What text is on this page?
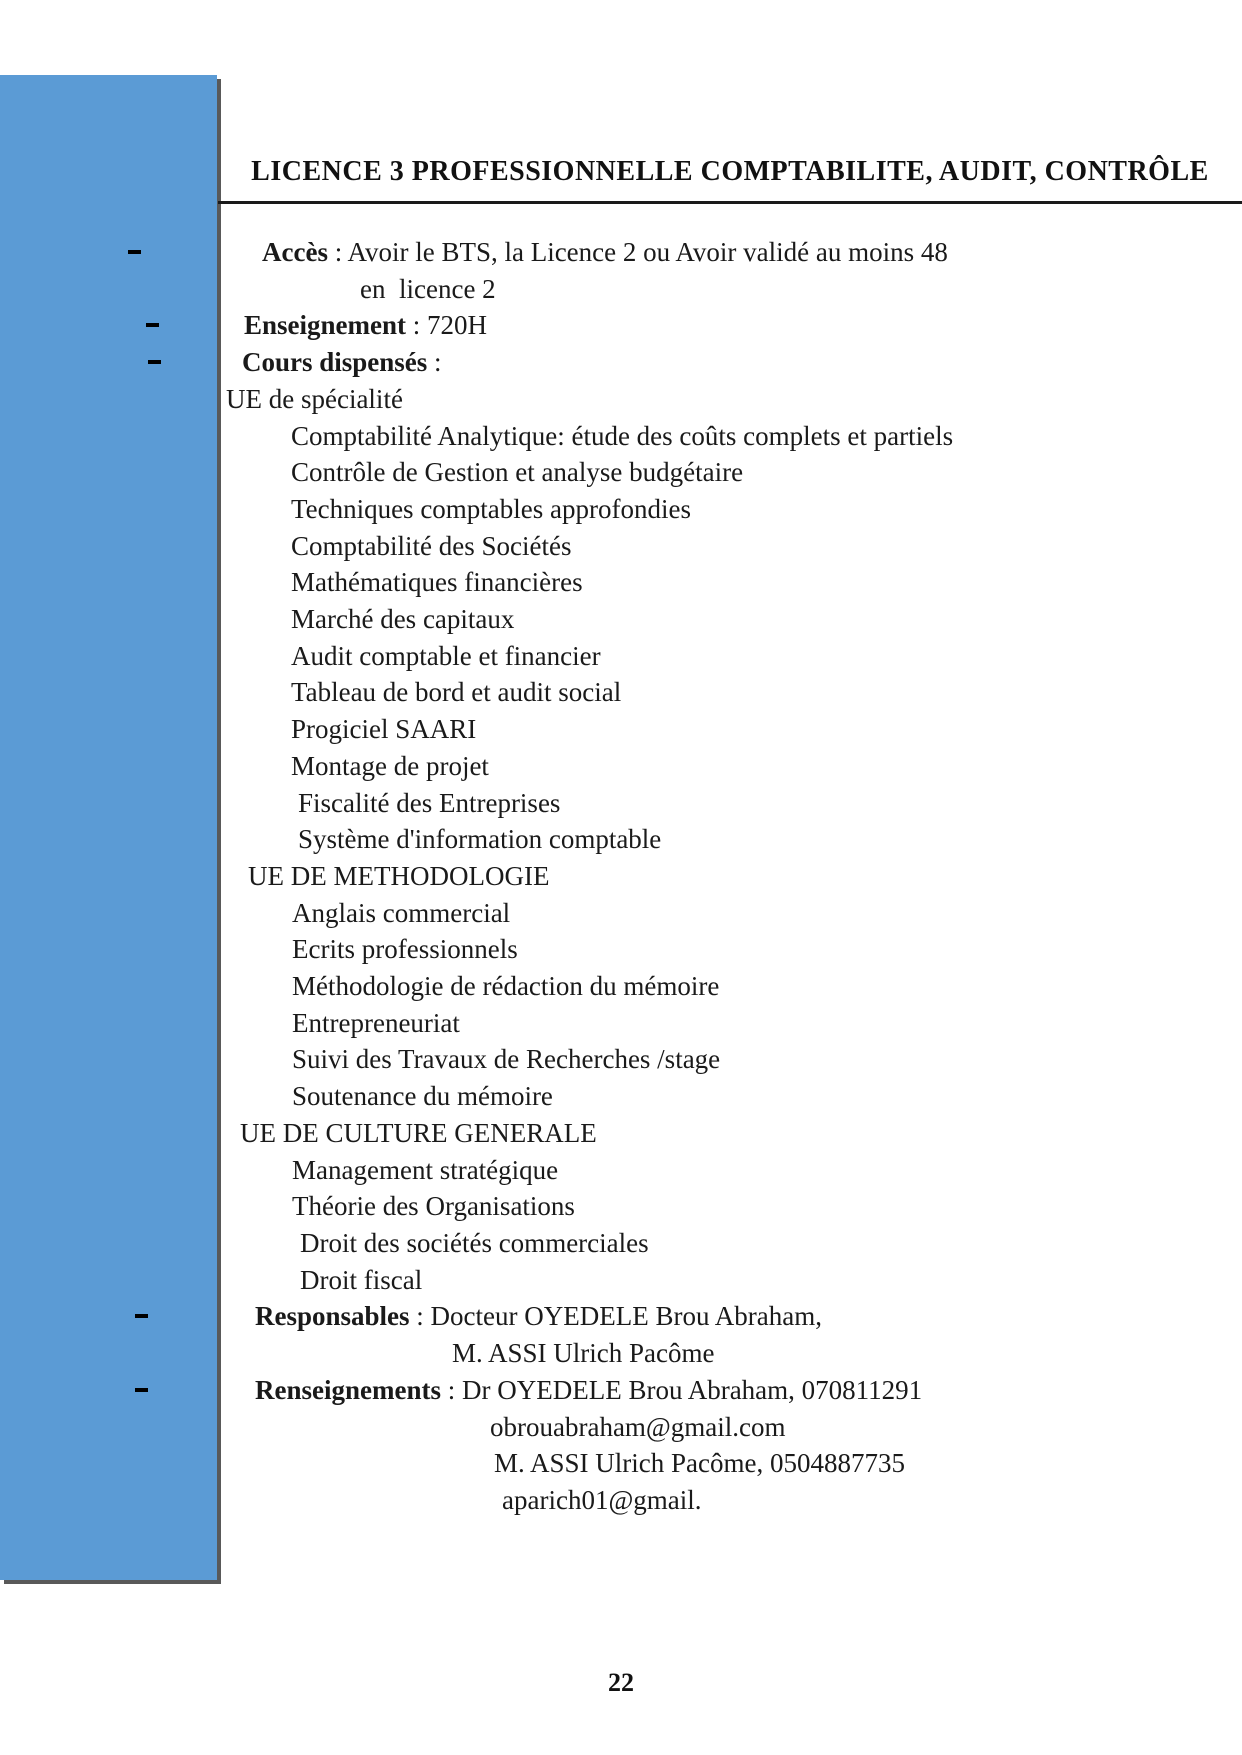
LICENCE 3 PROFESSIONNELLE COMPTABILITE, AUDIT, CONTRÔLE
Accès : Avoir le BTS, la Licence 2 ou Avoir validé au moins 48
en  licence 2
Enseignement : 720H
Cours dispensés :
UE de spécialité
Comptabilité Analytique: étude des coûts complets et partiels
Contrôle de Gestion et analyse budgétaire
Techniques comptables approfondies
Comptabilité des Sociétés
Mathématiques financières
Marché des capitaux
Audit comptable et financier
Tableau de bord et audit social
Progiciel SAARI
Montage de projet
Fiscalité des Entreprises
Système d'information comptable
UE DE METHODOLOGIE
Anglais commercial
Ecrits professionnels
Méthodologie de rédaction du mémoire
Entrepreneuriat
Suivi des Travaux de Recherches /stage
Soutenance du mémoire
UE DE CULTURE GENERALE
Management stratégique
Théorie des Organisations
Droit des sociétés commerciales
Droit fiscal
Responsables : Docteur OYEDELE Brou Abraham,
M. ASSI Ulrich Pacôme
Renseignements : Dr OYEDELE Brou Abraham, 070811291
obrouabraham@gmail.com
M. ASSI Ulrich Pacôme, 0504887735
aparich01@gmail.
22
